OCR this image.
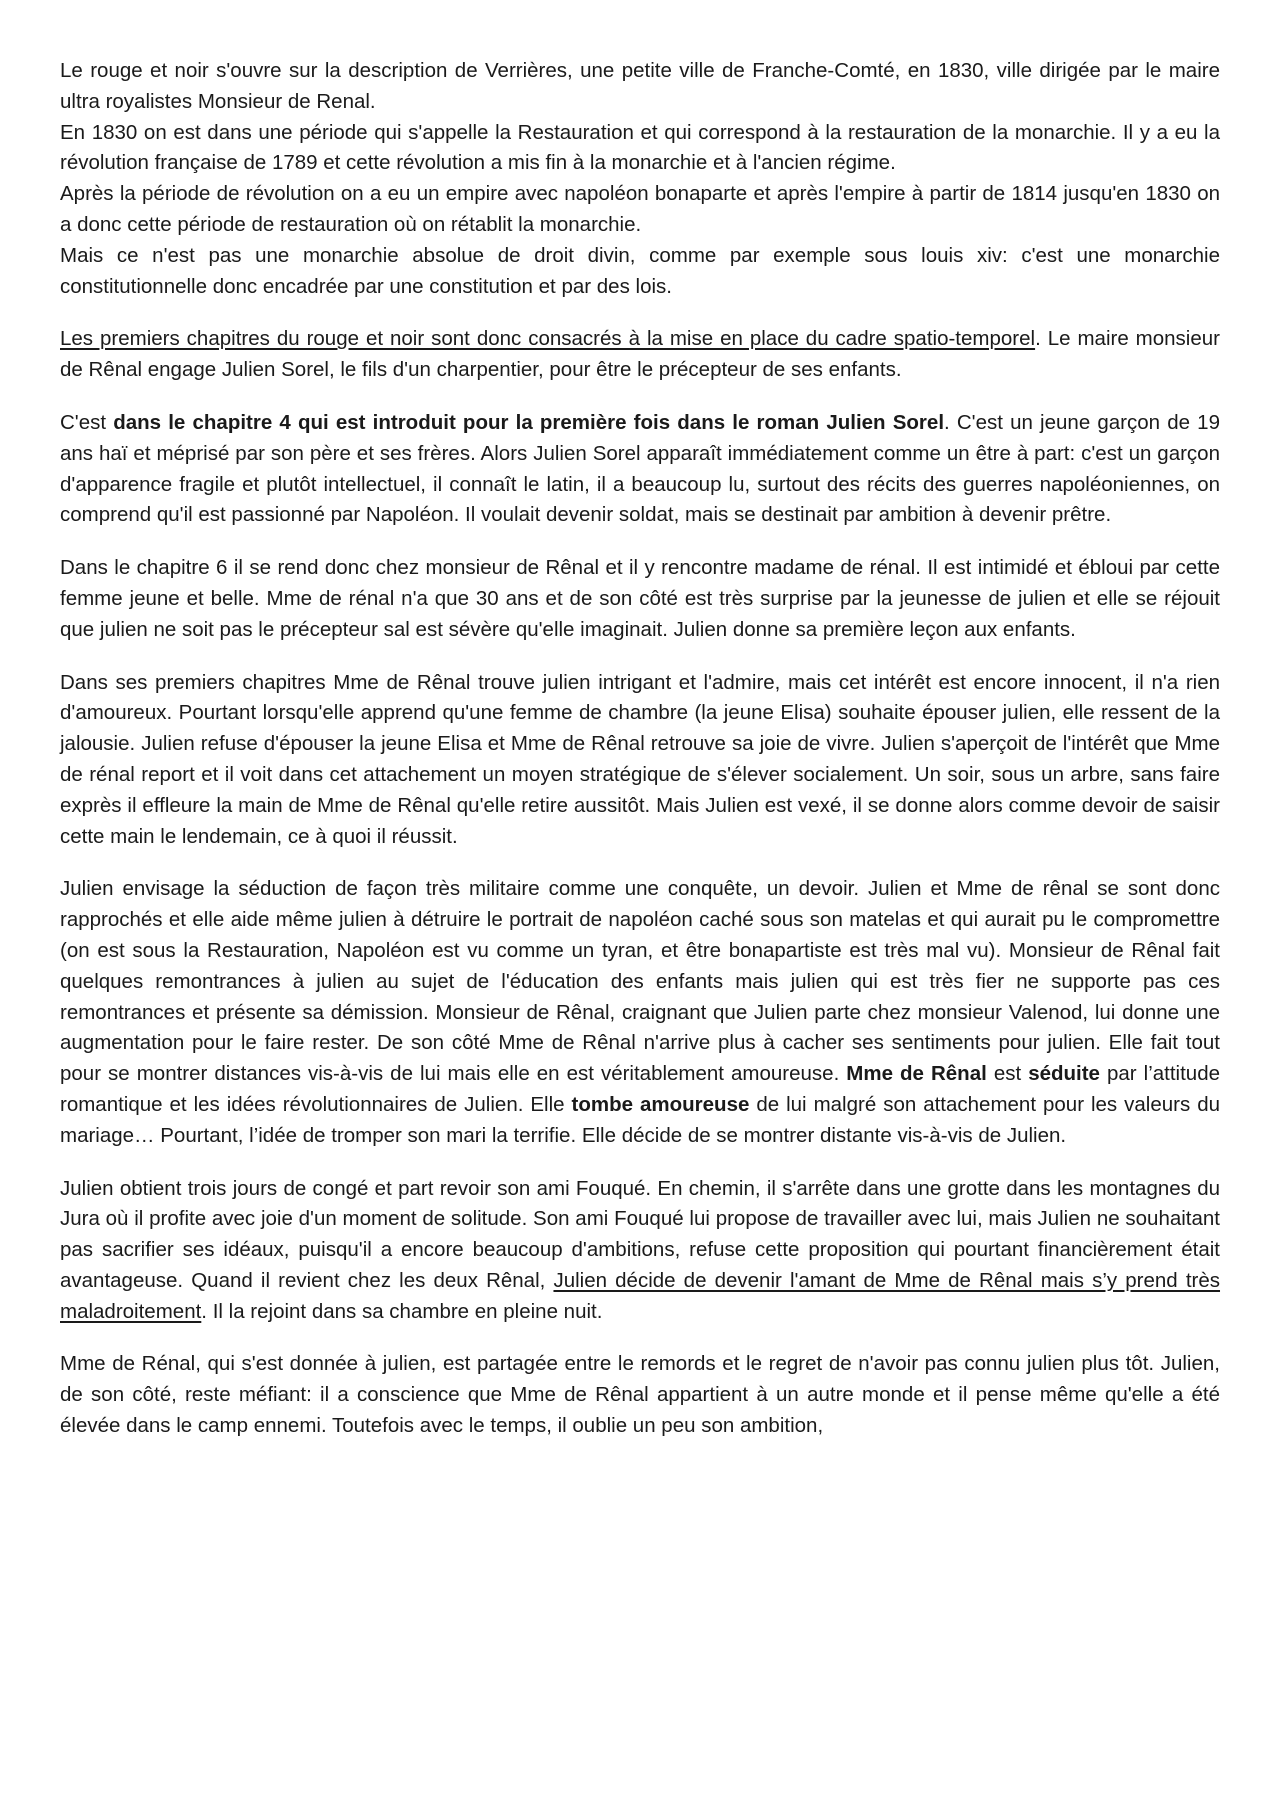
Le rouge et noir s'ouvre sur la description de Verrières, une petite ville de Franche-Comté, en 1830, ville dirigée par le maire ultra royalistes Monsieur de Renal.

En 1830 on est dans une période qui s'appelle la Restauration et qui correspond à la restauration de la monarchie. Il y a eu la révolution française de 1789 et cette révolution a mis fin à la monarchie et à l'ancien régime.

Après la période de révolution on a eu un empire avec napoléon bonaparte et après l'empire à partir de 1814 jusqu'en 1830 on a donc cette période de restauration où on rétablit la monarchie.

Mais ce n'est pas une monarchie absolue de droit divin, comme par exemple sous louis xiv: c'est une monarchie constitutionnelle donc encadrée par une constitution et par des lois.

Les premiers chapitres du rouge et noir sont donc consacrés à la mise en place du cadre spatio-temporel. Le maire monsieur de Rênal engage Julien Sorel, le fils d'un charpentier, pour être le précepteur de ses enfants.

C'est dans le chapitre 4 qui est introduit pour la première fois dans le roman Julien Sorel. C'est un jeune garçon de 19 ans haï et méprisé par son père et ses frères. Alors Julien Sorel apparaît immédiatement comme un être à part: c'est un garçon d'apparence fragile et plutôt intellectuel, il connaît le latin, il a beaucoup lu, surtout des récits des guerres napoléoniennes, on comprend qu'il est passionné par Napoléon. Il voulait devenir soldat, mais se destinait par ambition à devenir prêtre.

Dans le chapitre 6 il se rend donc chez monsieur de Rênal et il y rencontre madame de rénal. Il est intimidé et ébloui par cette femme jeune et belle. Mme de rénal n'a que 30 ans et de son côté est très surprise par la jeunesse de julien et elle se réjouit que julien ne soit pas le précepteur sal est sévère qu'elle imaginait. Julien donne sa première leçon aux enfants.

Dans ses premiers chapitres Mme de Rênal trouve julien intrigant et l'admire, mais cet intérêt est encore innocent, il n'a rien d'amoureux. Pourtant lorsqu'elle apprend qu'une femme de chambre (la jeune Elisa) souhaite épouser julien, elle ressent de la jalousie. Julien refuse d'épouser la jeune Elisa et Mme de Rênal retrouve sa joie de vivre. Julien s'aperçoit de l'intérêt que Mme de rénal report et il voit dans cet attachement un moyen stratégique de s'élever socialement. Un soir, sous un arbre, sans faire exprès il effleure la main de Mme de Rênal qu'elle retire aussitôt. Mais Julien est vexé, il se donne alors comme devoir de saisir cette main le lendemain, ce à quoi il réussit.

Julien envisage la séduction de façon très militaire comme une conquête, un devoir. Julien et Mme de rênal se sont donc rapprochés et elle aide même julien à détruire le portrait de napoléon caché sous son matelas et qui aurait pu le compromettre (on est sous la Restauration, Napoléon est vu comme un tyran, et être bonapartiste est très mal vu). Monsieur de Rênal fait quelques remontrances à julien au sujet de l'éducation des enfants mais julien qui est très fier ne supporte pas ces remontrances et présente sa démission. Monsieur de Rênal, craignant que Julien parte chez monsieur Valenod, lui donne une augmentation pour le faire rester. De son côté Mme de Rênal n'arrive plus à cacher ses sentiments pour julien. Elle fait tout pour se montrer distances vis-à-vis de lui mais elle en est véritablement amoureuse. Mme de Rênal est séduite par l’attitude romantique et les idées révolutionnaires de Julien. Elle tombe amoureuse de lui malgré son attachement pour les valeurs du mariage… Pourtant, l’idée de tromper son mari la terrifie. Elle décide de se montrer distante vis-à-vis de Julien.

Julien obtient trois jours de congé et part revoir son ami Fouqué. En chemin, il s'arrête dans une grotte dans les montagnes du Jura où il profite avec joie d'un moment de solitude. Son ami Fouqué lui propose de travailler avec lui, mais Julien ne souhaitant pas sacrifier ses idéaux, puisqu'il a encore beaucoup d'ambitions, refuse cette proposition qui pourtant financièrement était avantageuse. Quand il revient chez les deux Rênal, Julien décide de devenir l'amant de Mme de Rênal mais s’y prend très maladroitement. Il la rejoint dans sa chambre en pleine nuit.

Mme de Rénal, qui s'est donnée à julien, est partagée entre le remords et le regret de n'avoir pas connu julien plus tôt. Julien, de son côté, reste méfiant: il a conscience que Mme de Rênal appartient à un autre monde et il pense même qu'elle a été élevée dans le camp ennemi. Toutefois avec le temps, il oublie un peu son ambition,
